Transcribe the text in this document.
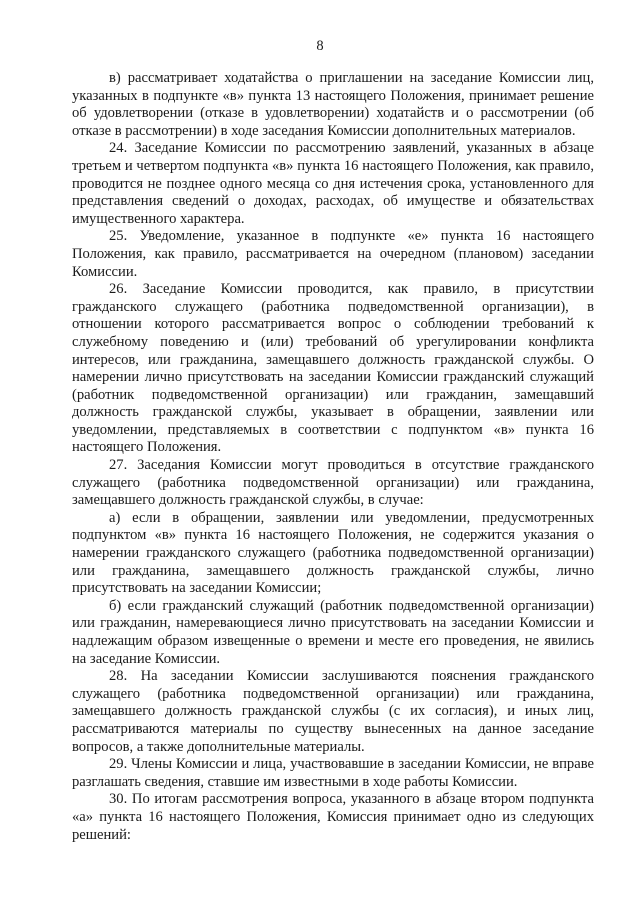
8

в) рассматривает ходатайства о приглашении на заседание Комиссии лиц, указанных в подпункте «в» пункта 13 настоящего Положения, принимает решение об удовлетворении (отказе в удовлетворении) ходатайств и о рассмотрении (об отказе в рассмотрении) в ходе заседания Комиссии дополнительных материалов.

24. Заседание Комиссии по рассмотрению заявлений, указанных в абзаце третьем и четвертом подпункта «в» пункта 16 настоящего Положения, как правило, проводится не позднее одного месяца со дня истечения срока, установленного для представления сведений о доходах, расходах, об имуществе и обязательствах имущественного характера.

25. Уведомление, указанное в подпункте «е» пункта 16 настоящего Положения, как правило, рассматривается на очередном (плановом) заседании Комиссии.

26. Заседание Комиссии проводится, как правило, в присутствии гражданского служащего (работника подведомственной организации), в отношении которого рассматривается вопрос о соблюдении требований к служебному поведению и (или) требований об урегулировании конфликта интересов, или гражданина, замещавшего должность гражданской службы. О намерении лично присутствовать на заседании Комиссии гражданский служащий (работник подведомственной организации) или гражданин, замещавший должность гражданской службы, указывает в обращении, заявлении или уведомлении, представляемых в соответствии с подпунктом «в» пункта 16 настоящего Положения.

27. Заседания Комиссии могут проводиться в отсутствие гражданского служащего (работника подведомственной организации) или гражданина, замещавшего должность гражданской службы, в случае:

а) если в обращении, заявлении или уведомлении, предусмотренных подпунктом «в» пункта 16 настоящего Положения, не содержится указания о намерении гражданского служащего (работника подведомственной организации) или гражданина, замещавшего должность гражданской службы, лично присутствовать на заседании Комиссии;

б) если гражданский служащий (работник подведомственной организации) или гражданин, намеревающиеся лично присутствовать на заседании Комиссии и надлежащим образом извещенные о времени и месте его проведения, не явились на заседание Комиссии.

28. На заседании Комиссии заслушиваются пояснения гражданского служащего (работника подведомственной организации) или гражданина, замещавшего должность гражданской службы (с их согласия), и иных лиц, рассматриваются материалы по существу вынесенных на данное заседание вопросов, а также дополнительные материалы.

29. Члены Комиссии и лица, участвовавшие в заседании Комиссии, не вправе разглашать сведения, ставшие им известными в ходе работы Комиссии.

30. По итогам рассмотрения вопроса, указанного в абзаце втором подпункта «а» пункта 16 настоящего Положения, Комиссия принимает одно из следующих решений:
